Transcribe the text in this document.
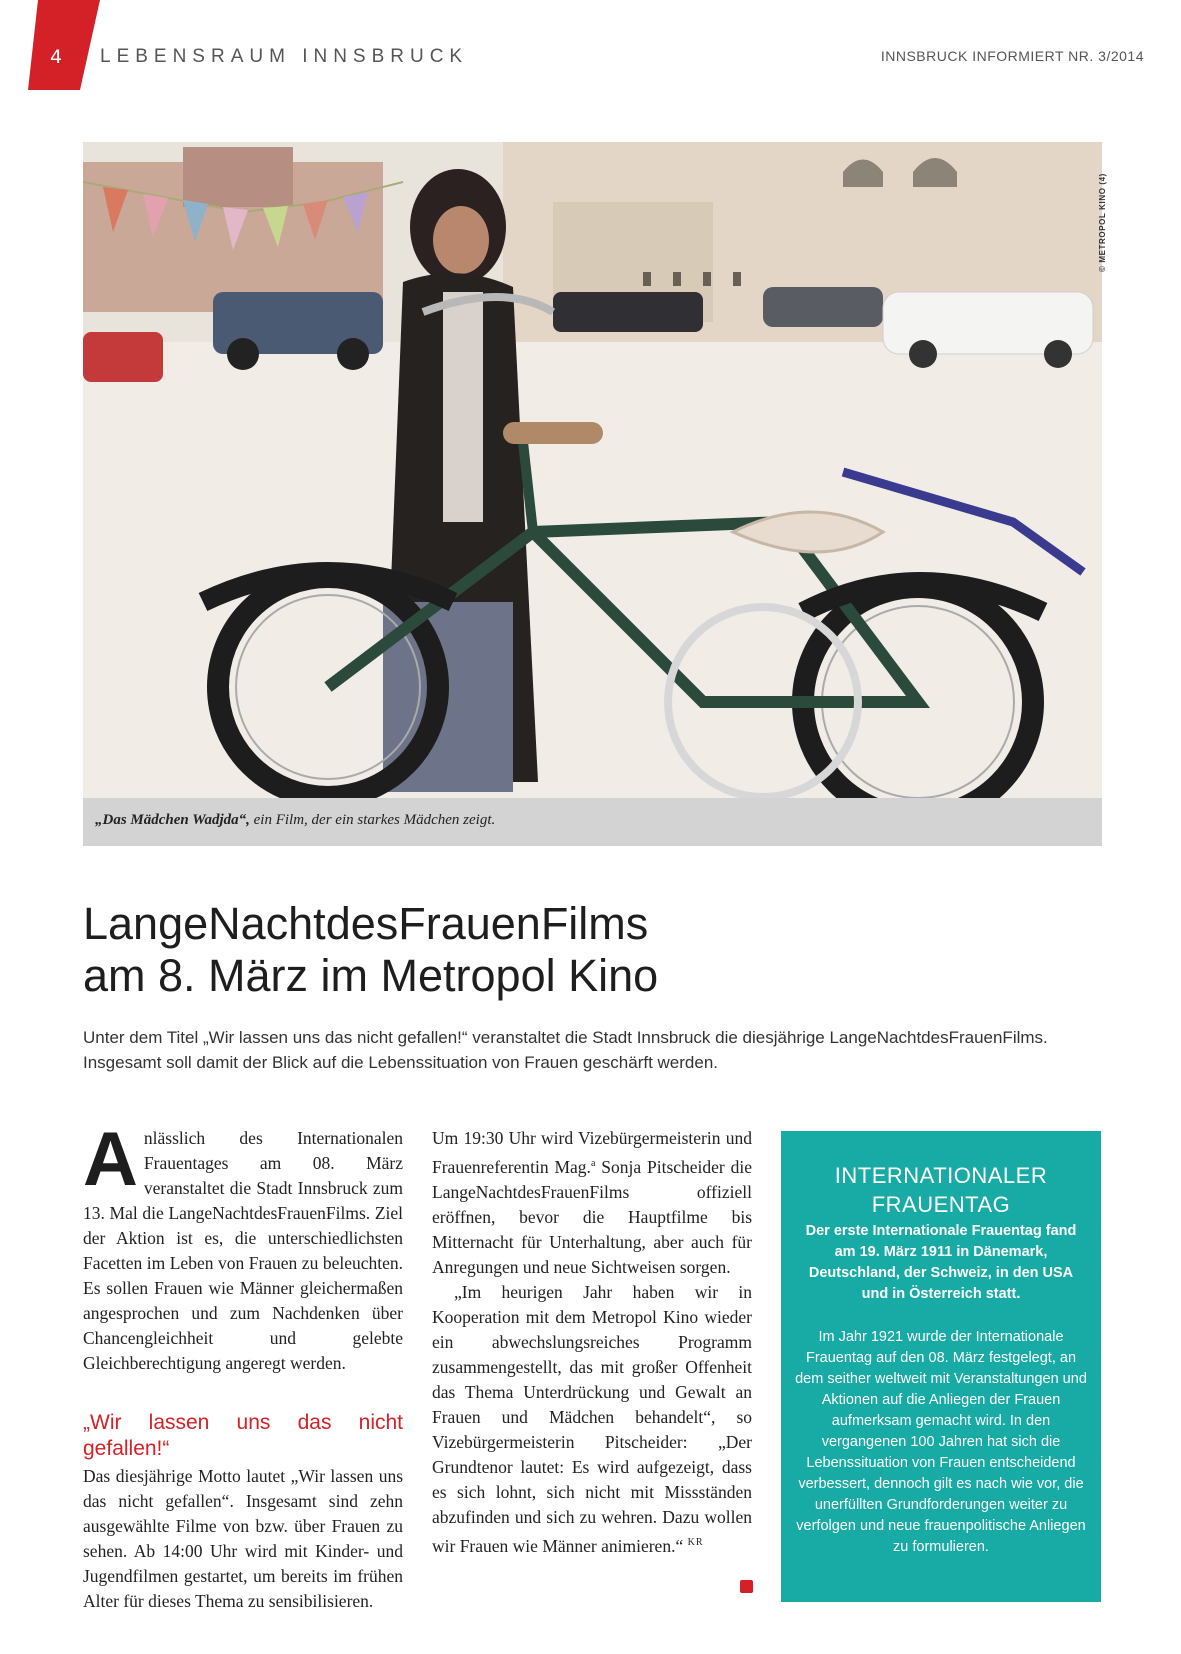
4 LEBENSRAUM INNSBRUCK	INNSBRUCK INFORMIERT NR. 3/2014
© METROPOL KINO (4)
„Das Mädchen Wadjda“, ein Film, der ein starkes Mädchen zeigt.
LangeNachtdesFrauenFilms
am 8. März im Metropol Kino
Unter dem Titel „Wir lassen uns das nicht gefallen!“ veranstaltet die Stadt Innsbruck die diesjährige LangeNachtdesFrauenFilms. Insgesamt soll damit der Blick auf die Lebenssituation von Frauen geschärft werden.

Anlässlich des Internationalen Frauentages am 08. März veranstaltet die Stadt Innsbruck zum 13. Mal die LangeNachtdesFrauenFilms. Ziel der Aktion ist es, die unterschiedlichsten Facetten im Leben von Frauen zu beleuchten. Es sollen Frauen wie Männer gleichermaßen angesprochen und zum Nachdenken über Chancengleichheit und gelebte Gleichberechtigung angeregt werden.

„Wir lassen uns das nicht gefallen!“

Das diesjährige Motto lautet „Wir lassen uns das nicht gefallen“. Insgesamt sind zehn ausgewählte Filme von bzw. über Frauen zu sehen. Ab 14:00 Uhr wird mit Kinder- und Jugendfilmen gestartet, um bereits im frühen Alter für dieses Thema zu sensibilisieren.

Um 19:30 Uhr wird Vizebürgermeisterin und Frauenreferentin Mag.$^a$ Sonja Pitscheider die LangeNachtdesFrauenFilms offiziell eröffnen, bevor die Hauptfilme bis Mitternacht für Unterhaltung, aber auch für Anregungen und neue Sichtweisen sorgen.

„Im heurigen Jahr haben wir in Kooperation mit dem Metropol Kino wieder ein abwechslungsreiches Programm zusammengestellt, das mit großer Offenheit das Thema Unterdrückung und Gewalt an Frauen und Mädchen behandelt“, so Vizebürgermeisterin Pitscheider: „Der Grundtenor lautet: Es wird aufgezeigt, dass es sich lohnt, sich nicht mit Missständen abzufinden und sich zu wehren. Dazu wollen wir Frauen wie Männer animieren.“ $^{KR}$

INTERNATIONALER FRAUENTAG
Der erste Internationale Frauentag fand am 19. März 1911 in Dänemark, Deutschland, der Schweiz, in den USA und in Österreich statt.
Im Jahr 1921 wurde der Internationale Frauentag auf den 08. März festgelegt, an dem seither weltweit mit Veranstaltungen und Aktionen auf die Anliegen der Frauen aufmerksam gemacht wird. In den vergangenen 100 Jahren hat sich die Lebenssituation von Frauen entscheidend verbessert, dennoch gilt es nach wie vor, die unerfüllten Grundforderungen weiter zu verfolgen und neue frauenpolitische Anliegen zu formulieren.
